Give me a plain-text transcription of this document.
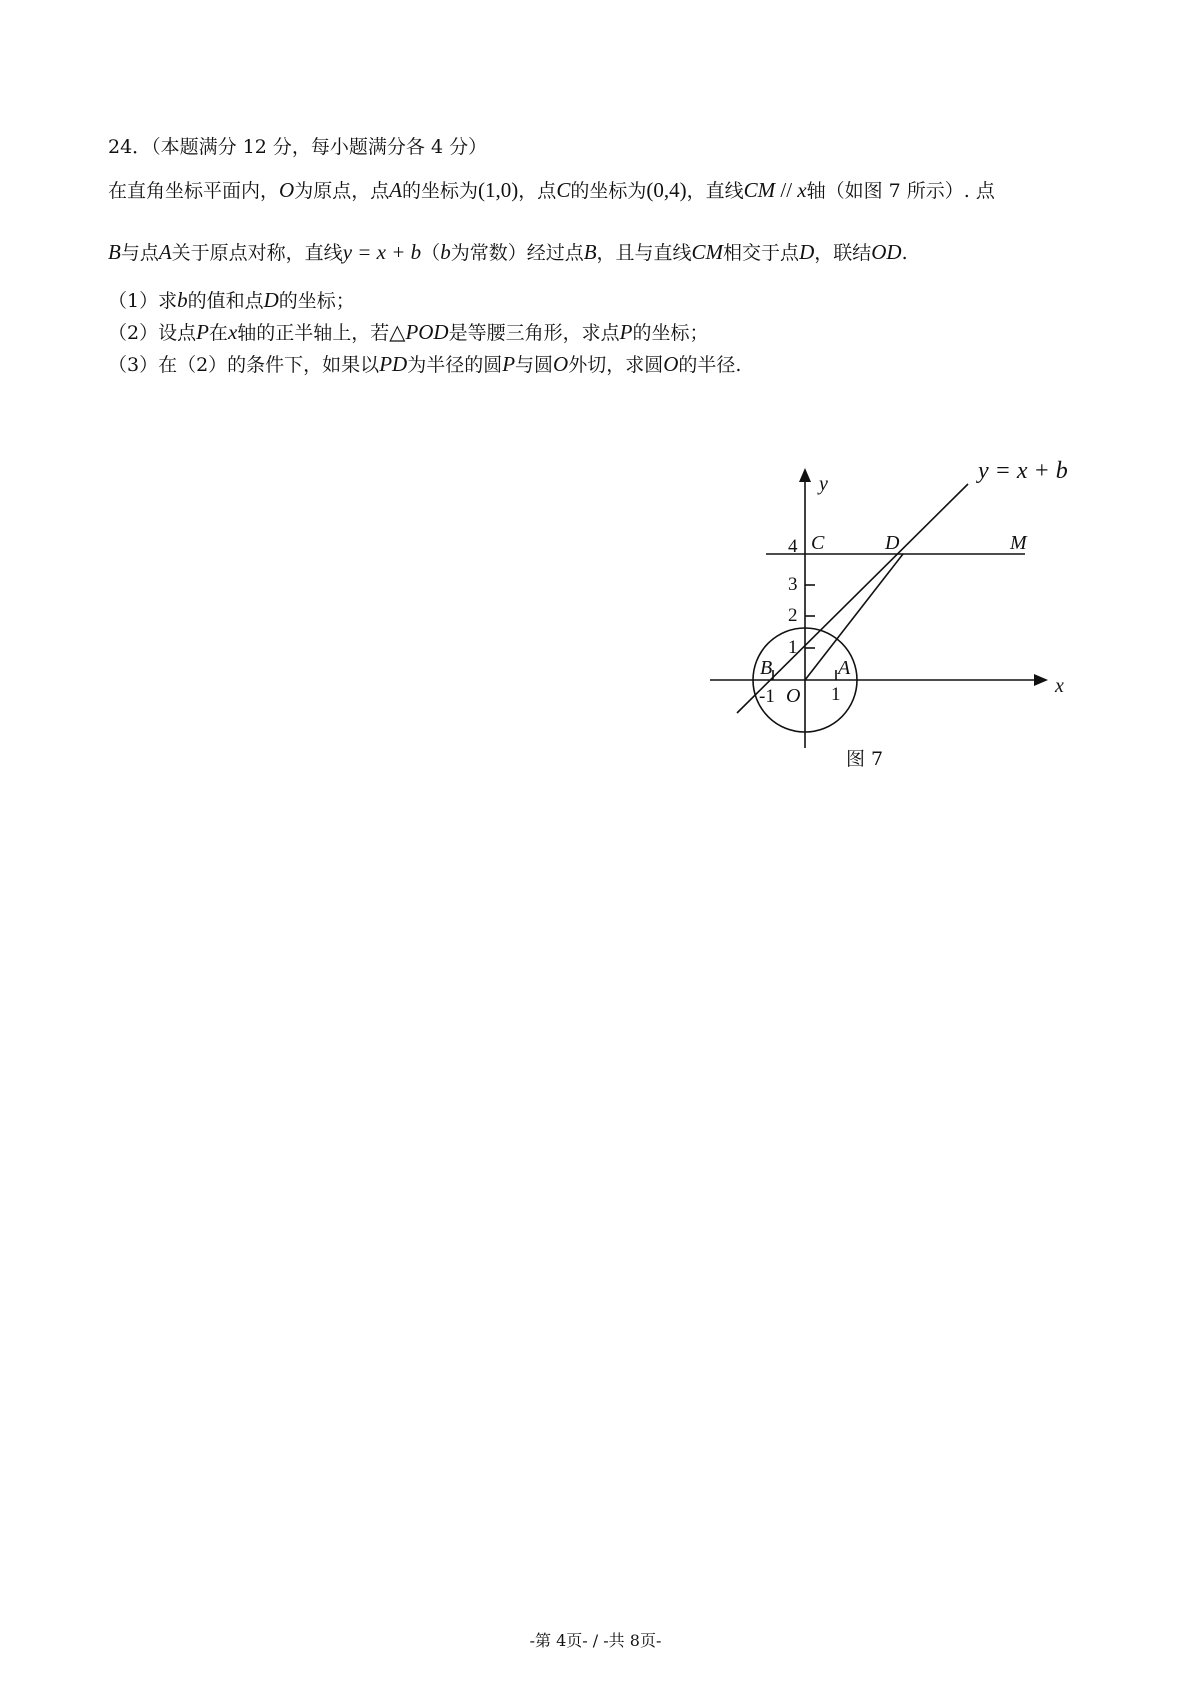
24．（本题满分 12 分，每小题满分各 4 分）
在直角坐标平面内，O为原点，点A的坐标为(1,0)，点C的坐标为(0,4)，直线CM // x轴（如图 7 所示）. 点
B与点A关于原点对称，直线y = x + b（b为常数）经过点B，且与直线CM相交于点D，联结OD.
（1）求b的值和点D的坐标；
（2）设点P在x轴的正半轴上，若△POD是等腰三角形，求点P的坐标；
（3）在（2）的条件下，如果以PD为半径的圆P与圆O外切，求圆O的半径.
y = x + b
y
x
C	D	M
B	A
O
4
3
2
1
-1	1
图 7
-第 4页- / -共 8页-
